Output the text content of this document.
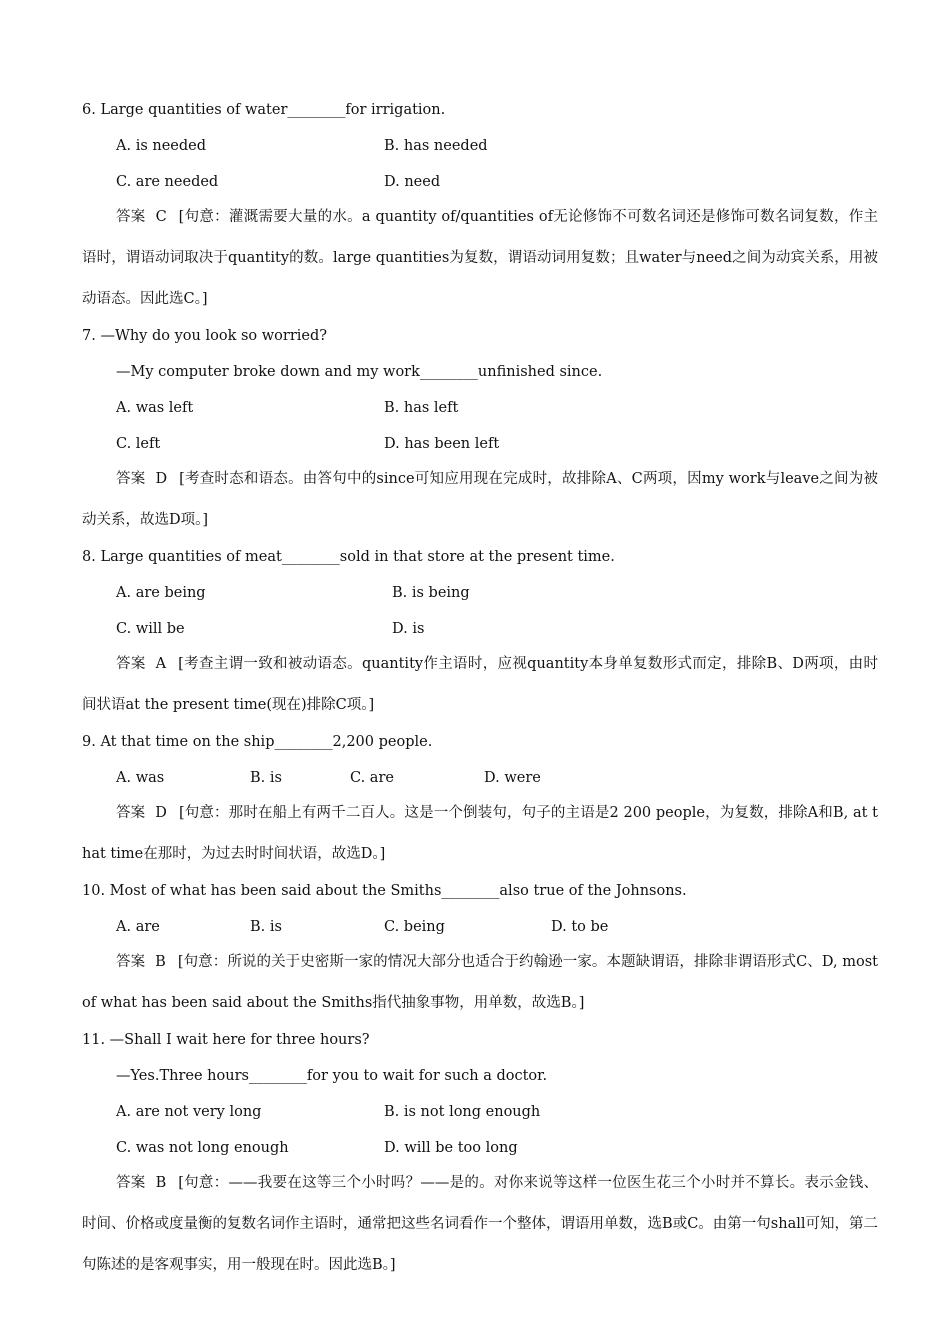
6. Large quantities of water________for irrigation.
A. is needed	B. has needed
C. are needed	D. need
答案 C [句意：灌溉需要大量的水。a quantity of/quantities of无论修饰不可数名词还是修饰可数名词复数，作主语时，谓语动词取决于quantity的数。large quantities为复数，谓语动词用复数；且water与need之间为动宾关系，用被动语态。因此选C。]
7. —Why do you look so worried?
—My computer broke down and my work________unfinished since.
A. was left	B. has left
C. left	D. has been left
答案 D [考查时态和语态。由答句中的since可知应用现在完成时，故排除A、C两项，因my work与leave之间为被动关系，故选D项。]
8. Large quantities of meat________sold in that store at the present time.
A. are being	B. is being
C. will be	D. is
答案 A [考查主谓一致和被动语态。quantity作主语时，应视quantity本身单复数形式而定，排除B、D两项，由时间状语at the present time(现在)排除C项。]
9. At that time on the ship________2,200 people.
A. was	B. is	C. are	D. were
答案 D [句意：那时在船上有两千二百人。这是一个倒装句，句子的主语是2 200 people，为复数，排除A和B, at that time在那时，为过去时时间状语，故选D。]
10. Most of what has been said about the Smiths________also true of the Johnsons.
A. are	B. is	C. being	D. to be
答案 B [句意：所说的关于史密斯一家的情况大部分也适合于约翰逊一家。本题缺谓语，排除非谓语形式C、D, most of what has been said about the Smiths指代抽象事物，用单数，故选B。]
11. —Shall I wait here for three hours?
—Yes.Three hours________for you to wait for such a doctor.
A. are not very long	B. is not long enough
C. was not long enough	D. will be too long
答案 B [句意：——我要在这等三个小时吗？——是的。对你来说等这样一位医生花三个小时并不算长。表示金钱、时间、价格或度量衡的复数名词作主语时，通常把这些名词看作一个整体，谓语用单数，选B或C。由第一句shall可知，第二句陈述的是客观事实，用一般现在时。因此选B。]
